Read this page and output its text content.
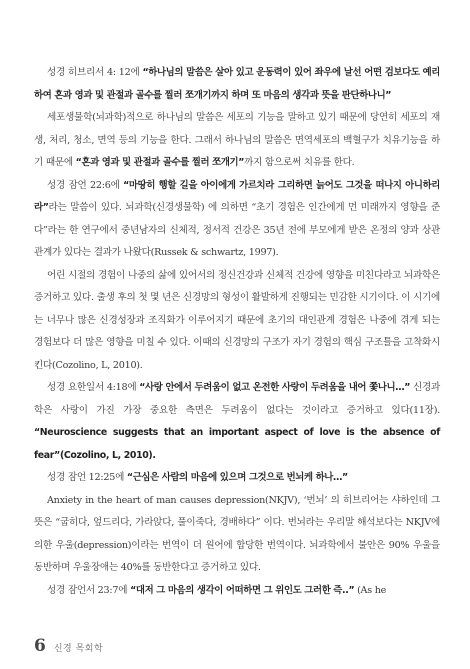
성경 히브리서 4: 12에 “하나님의 말씀은 살아 있고 운동력이 있어 좌우에 날선 어떤 검보다도 예리하여 혼과 영과 및 관절과 골수를 찔러 쪼개기까지 하며 또 마음의 생각과 뜻을 판단하나니”

세포생물학(뇌과학)적으로 하나님의 말씀은 세포의 기능을 말하고 있기 때문에 당연히 세포의 재생, 처리, 청소, 면역 등의 기능을 한다. 그래서 하나님의 말씀은 면역세포의 백혈구가 치유기능을 하기 때문에 “혼과 영과 및 관절과 골수를 찔러 쪼개기”까지 함으로써 치유를 한다.

성경 잠언 22:6에 “마땅히 행할 길을 아이에게 가르치라 그리하면 늙어도 그것을 떠나지 아니하리라”라는 말씀이 있다. 뇌과학(신경생물학) 에 의하면 “초기 경험은 인간에게 먼 미래까지 영향을 준다”라는 한 연구에서 중년남자의 신체적, 정서적 건강은 35년 전에 부모에게 받은 온정의 양과 상관관계가 있다는 결과가 나왔다(Russek & schwartz, 1997).

어린 시절의 경험이 나중의 삶에 있어서의 정신건강과 신체적 건강에 영향을 미친다라고 뇌과학은 증거하고 있다. 출생 후의 첫 몇 년은 신경망의 형성이 활발하게 진행되는 민감한 시기이다. 이 시기에는 너무나 많은 신경성장과 조직화가 이루어지기 때문에 초기의 대인관계 경험은 나중에 겪게 되는 경험보다 더 많은 영향을 미칠 수 있다. 이때의 신경망의 구조가 자기 경험의 핵심 구조틀을 고착화시킨다(Cozolino, L, 2010).

성경 요한일서 4:18에 “사랑 안에서 두려움이 없고 온전한 사랑이 두려움을 내어 쫓나니…” 신경과학은 사랑이 가진 가장 중요한 측면은 두려움이 없다는 것이라고 증거하고 있다(11장). “Neuroscience suggests that an important aspect of love is the absence of fear”(Cozolino, L, 2010).

성경 잠언 12:25에 “근심은 사람의 마음에 있으며 그것으로 번뇌케 하나…”

Anxiety in the heart of man causes depression(NKJV), ‘번뇌’ 의 히브리어는 샤하인데 그 뜻은 “굽히다, 엎드리다, 가라앉다, 풀이죽다, 경배하다” 이다. 번뇌라는 우리말 해석보다는 NKJV에 의한 우울(depression)이라는 번역이 더 원어에 합당한 번역이다. 뇌과학에서 불안은 90% 우울을 동반하며 우울장애는 40%를 동반한다고 증거하고 있다.

성경 잠언서 23:7에 “대저 그 마음의 생각이 어떠하면 그 위인도 그러한 즉..” (As he

6 신경 목회학
